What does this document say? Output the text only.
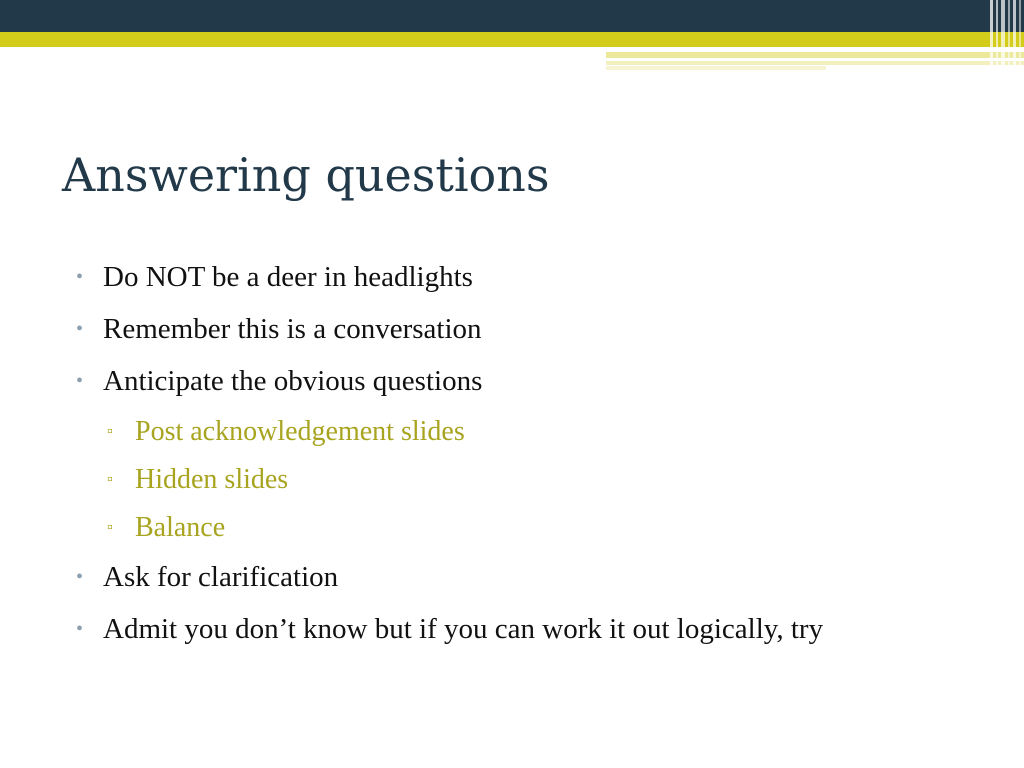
Answering questions
• Do NOT be a deer in headlights
• Remember this is a conversation
• Anticipate the obvious questions
▫ Post acknowledgement slides
▫ Hidden slides
▫ Balance
• Ask for clarification
• Admit you don’t know but if you can work it out logically, try
